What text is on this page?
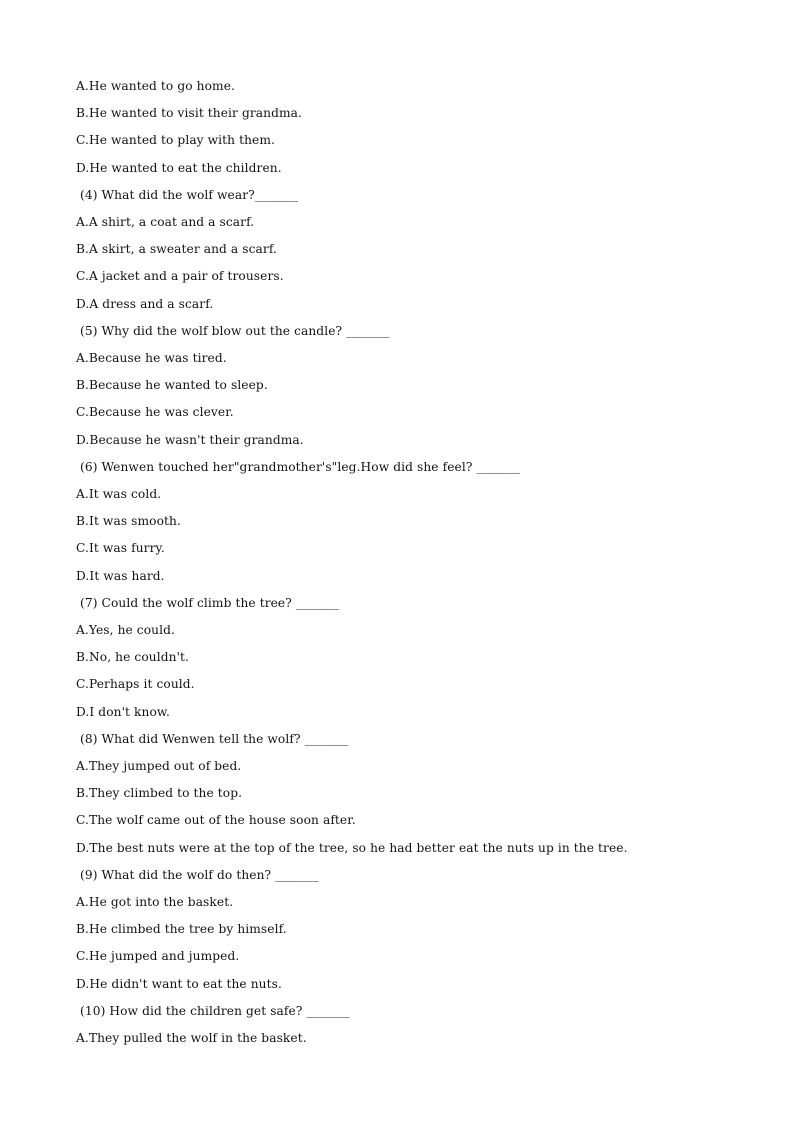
A.He wanted to go home.
B.He wanted to visit their grandma.
C.He wanted to play with them.
D.He wanted to eat the children.
(4) What did the wolf wear?_______
A.A shirt, a coat and a scarf.
B.A skirt, a sweater and a scarf.
C.A jacket and a pair of trousers.
D.A dress and a scarf.
(5) Why did the wolf blow out the candle? _______
A.Because he was tired.
B.Because he wanted to sleep.
C.Because he was clever.
D.Because he wasn't their grandma.
(6) Wenwen touched her"grandmother's"leg.How did she feel? _______
A.It was cold.
B.It was smooth.
C.It was furry.
D.It was hard.
(7) Could the wolf climb the tree? _______
A.Yes, he could.
B.No, he couldn't.
C.Perhaps it could.
D.I don't know.
(8) What did Wenwen tell the wolf? _______
A.They jumped out of bed.
B.They climbed to the top.
C.The wolf came out of the house soon after.
D.The best nuts were at the top of the tree, so he had better eat the nuts up in the tree.
(9) What did the wolf do then? _______
A.He got into the basket.
B.He climbed the tree by himself.
C.He jumped and jumped.
D.He didn't want to eat the nuts.
(10) How did the children get safe? _______
A.They pulled the wolf in the basket.
